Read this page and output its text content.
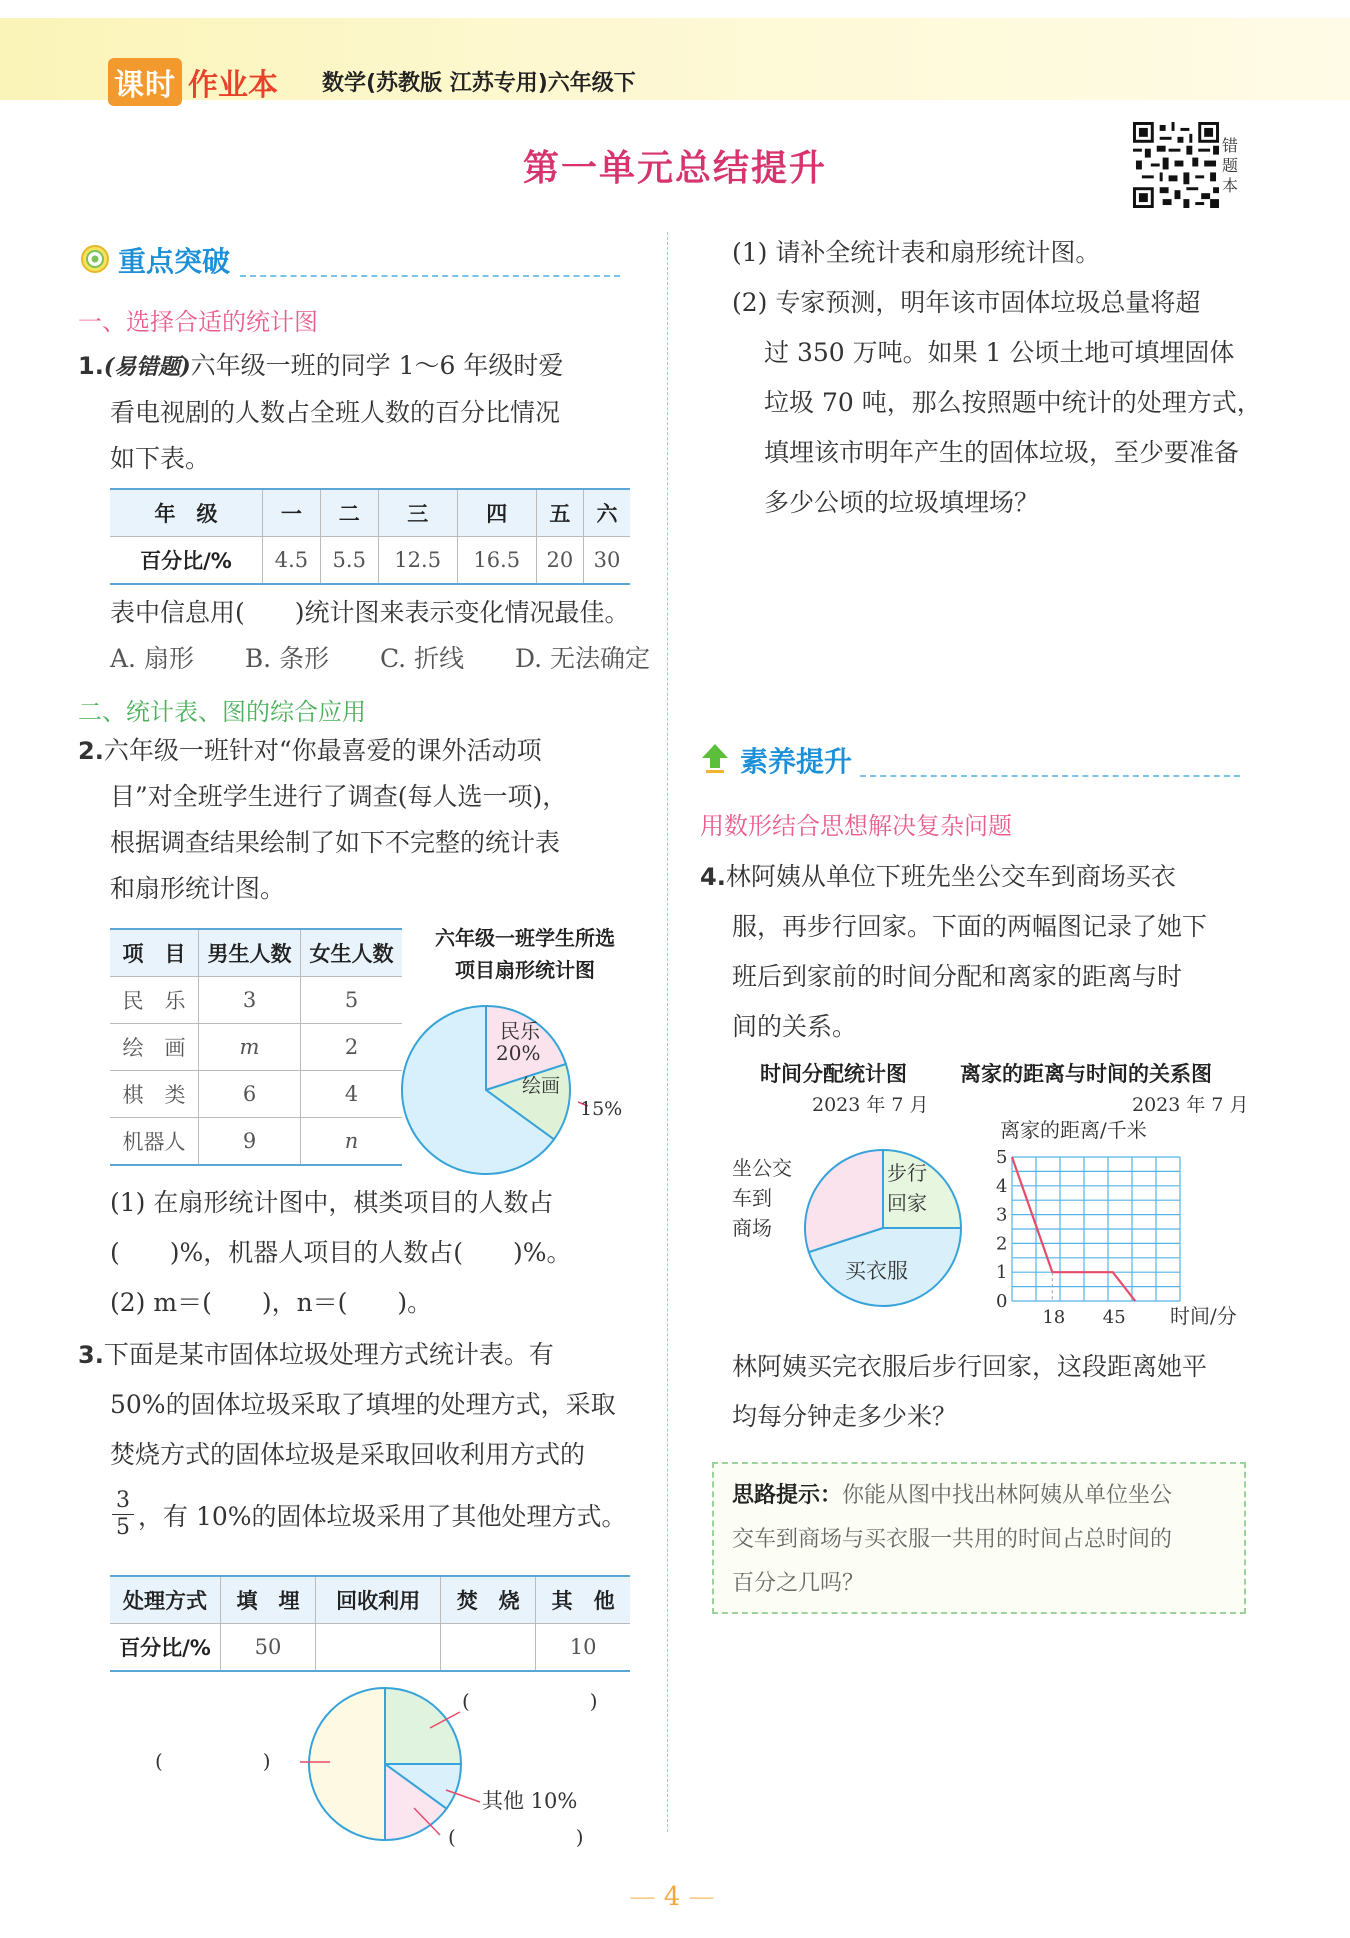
课时 作业本 数学(苏教版 江苏专用)六年级下
第一单元总结提升
错题本
重点突破
一、选择合适的统计图
1.(易错题)六年级一班的同学 1～6 年级时爱
看电视剧的人数占全班人数的百分比情况
如下表。
年　级	一	二	三	四	五	六
百分比/%	4.5	5.5	12.5	16.5	20	30
表中信息用(　　)统计图来表示变化情况最佳。
A. 扇形 B. 条形 C. 折线 D. 无法确定
二、统计表、图的综合应用
2.六年级一班针对“你最喜爱的课外活动项
目”对全班学生进行了调查(每人选一项)，
根据调查结果绘制了如下不完整的统计表
和扇形统计图。
项　目	男生人数	女生人数
民　乐	3	5
绘　画	m	2
棋　类	6	4
机器人	9	n
六年级一班学生所选
项目扇形统计图
民乐
20%
绘画
15%
(1) 在扇形统计图中，棋类项目的人数占
(　　)%，机器人项目的人数占(　　)%。
(2) m＝(　　)，n＝(　　)。
3.下面是某市固体垃圾处理方式统计表。有
50%的固体垃圾采取了填埋的处理方式，采取
焚烧方式的固体垃圾是采取回收利用方式的
$\frac{3}{5}$ ，有 10%的固体垃圾采用了其他处理方式。
处理方式	填　埋	回收利用	焚　烧	其　他
百分比/%	50			10
(　　　　　　)
(　　　　　)
其他 10%
(　　　　　　)
(1) 请补全统计表和扇形统计图。
(2) 专家预测，明年该市固体垃圾总量将超
过 350 万吨。如果 1 公顷土地可填埋固体
垃圾 70 吨，那么按照题中统计的处理方式，
填埋该市明年产生的固体垃圾，至少要准备
多少公顷的垃圾填埋场？
素养提升
用数形结合思想解决复杂问题
4.林阿姨从单位下班先坐公交车到商场买衣
服，再步行回家。下面的两幅图记录了她下
班后到家前的时间分配和离家的距离与时
间的关系。
时间分配统计图
2023 年 7 月
坐公交
车到
商场
步行
回家
买衣服
离家的距离与时间的关系图
2023 年 7 月
离家的距离/千米
0
1
2
3
4
5
18 45 时间/分
林阿姨买完衣服后步行回家，这段距离她平
均每分钟走多少米？
思路提示：你能从图中找出林阿姨从单位坐公
交车到商场与买衣服一共用的时间占总时间的
百分之几吗？
— 4 —
